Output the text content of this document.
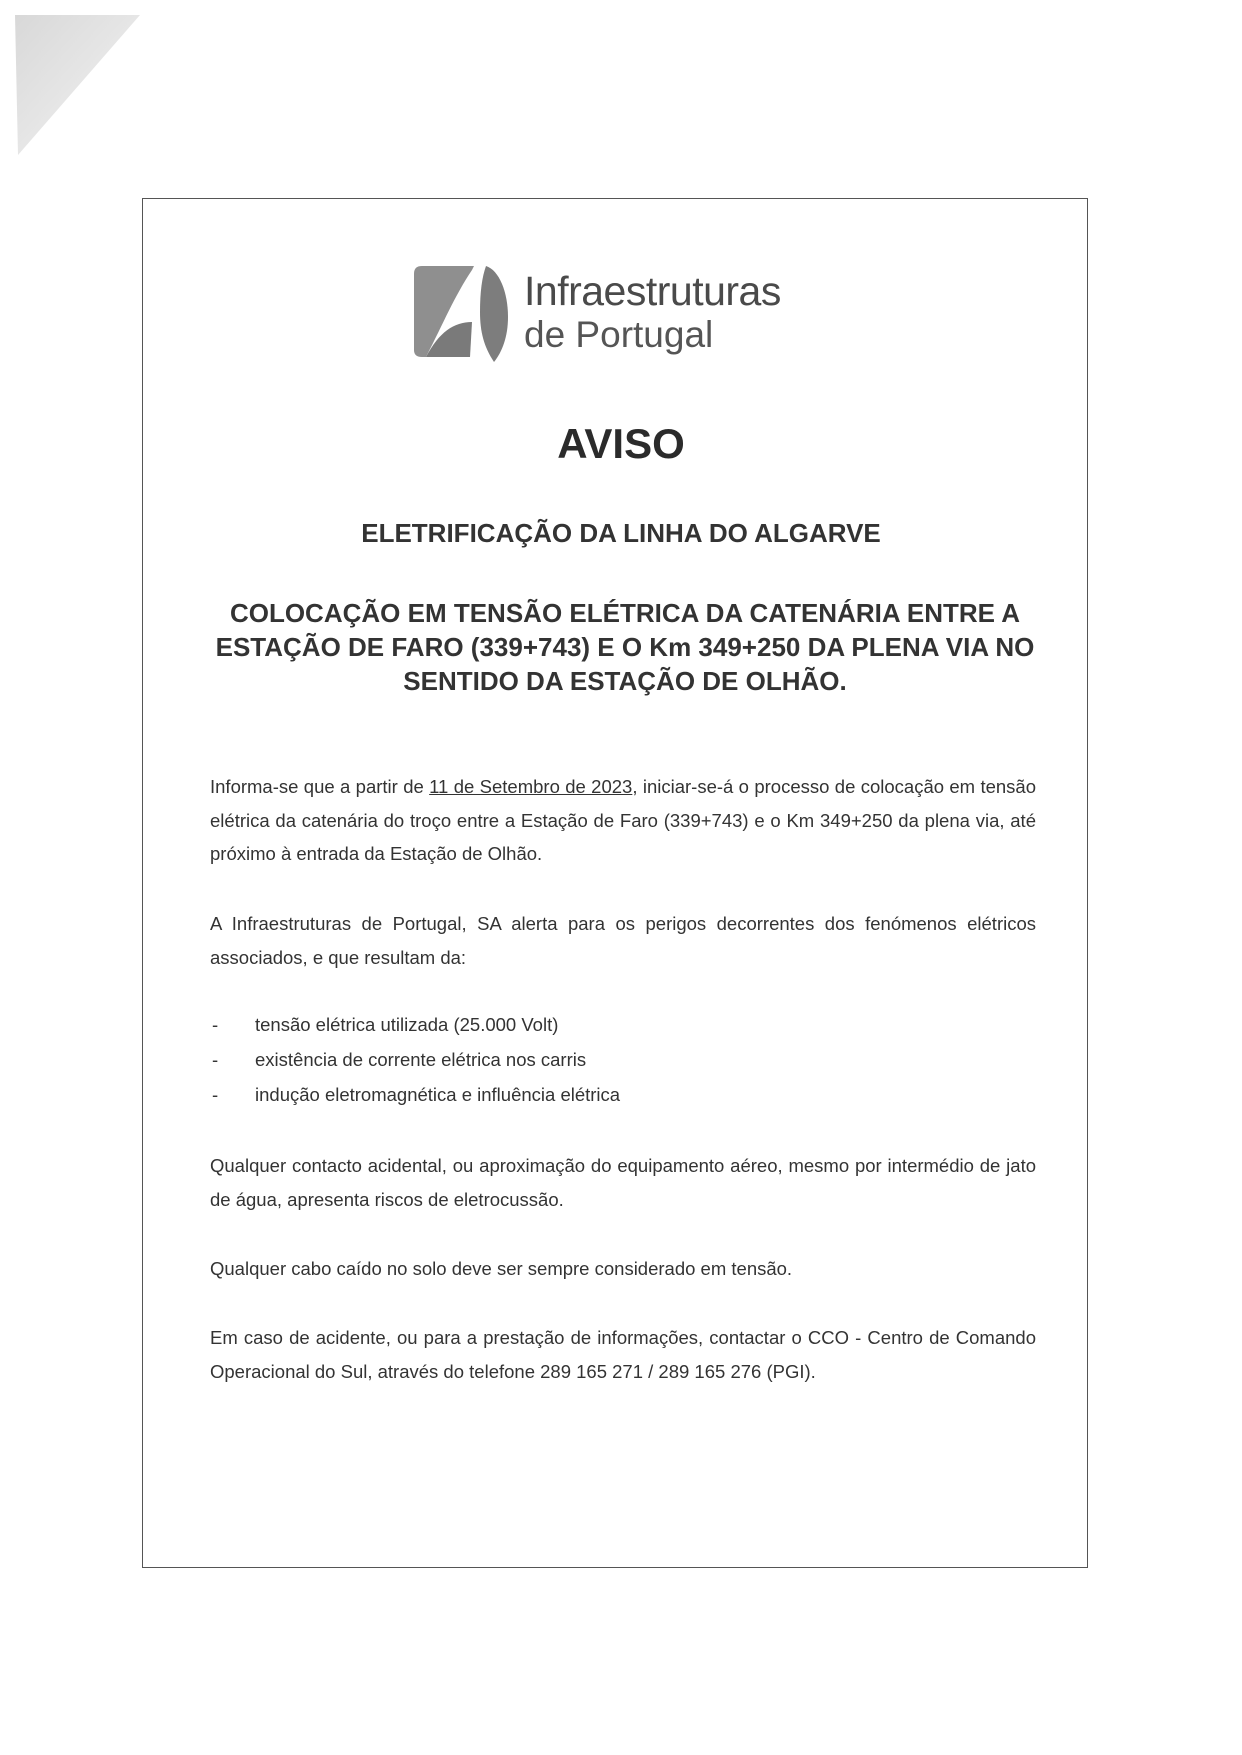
Infraestruturas
de Portugal
AVISO
ELETRIFICAÇÃO DA LINHA DO ALGARVE
COLOCAÇÃO EM TENSÃO ELÉTRICA DA CATENÁRIA ENTRE A ESTAÇÃO DE FARO (339+743) E O Km 349+250 DA PLENA VIA NO SENTIDO DA ESTAÇÃO DE OLHÃO.
Informa-se que a partir de 11 de Setembro de 2023, iniciar-se-á o processo de colocação em tensão elétrica da catenária do troço entre a Estação de Faro (339+743) e o Km 349+250 da plena via, até próximo à entrada da Estação de Olhão.
A Infraestruturas de Portugal, SA alerta para os perigos decorrentes dos fenómenos elétricos associados, e que resultam da:
- tensão elétrica utilizada (25.000 Volt)
- existência de corrente elétrica nos carris
- indução eletromagnética e influência elétrica
Qualquer contacto acidental, ou aproximação do equipamento aéreo, mesmo por intermédio de jato de água, apresenta riscos de eletrocussão.
Qualquer cabo caído no solo deve ser sempre considerado em tensão.
Em caso de acidente, ou para a prestação de informações, contactar o CCO - Centro de Comando Operacional do Sul, através do telefone 289 165 271 / 289 165 276 (PGI).
